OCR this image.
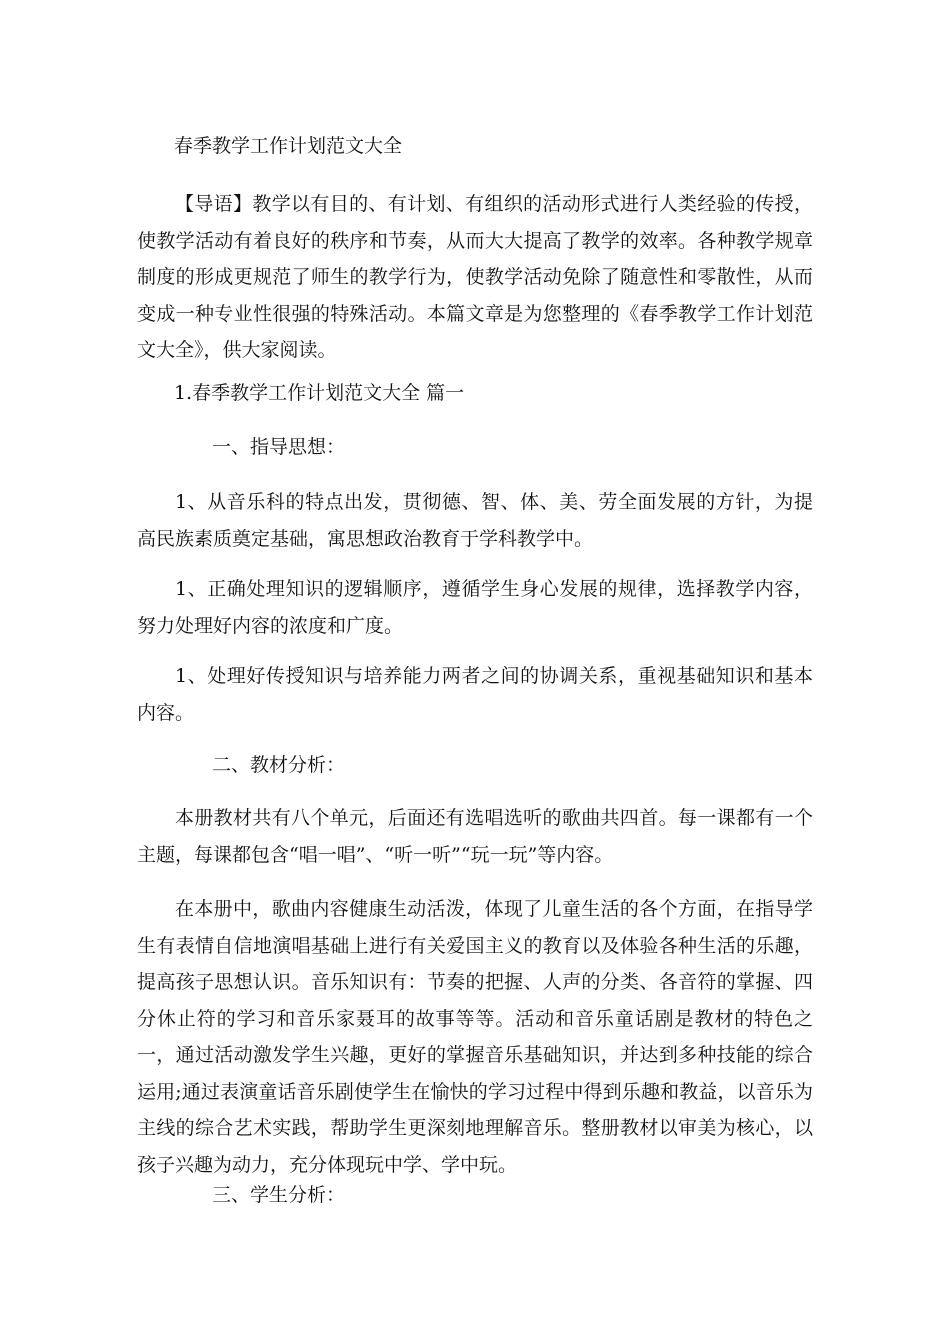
春季教学工作计划范文大全

【导语】教学以有目的、有计划、有组织的活动形式进行人类经验的传授，使教学活动有着良好的秩序和节奏，从而大大提高了教学的效率。各种教学规章制度的形成更规范了师生的教学行为，使教学活动免除了随意性和零散性，从而变成一种专业性很强的特殊活动。本篇文章是为您整理的《春季教学工作计划范文大全》，供大家阅读。

1.春季教学工作计划范文大全 篇一
一、指导思想：

1、从音乐科的特点出发，贯彻德、智、体、美、劳全面发展的方针，为提高民族素质奠定基础，寓思想政治教育于学科教学中。

1、正确处理知识的逻辑顺序，遵循学生身心发展的规律，选择教学内容，努力处理好内容的浓度和广度。

1、处理好传授知识与培养能力两者之间的协调关系，重视基础知识和基本内容。

二、教材分析：

本册教材共有八个单元，后面还有选唱选听的歌曲共四首。每一课都有一个主题，每课都包含“唱一唱”、“听一听”“玩一玩”等内容。

在本册中，歌曲内容健康生动活泼，体现了儿童生活的各个方面，在指导学生有表情自信地演唱基础上进行有关爱国主义的教育以及体验各种生活的乐趣，提高孩子思想认识。音乐知识有：节奏的把握、人声的分类、各音符的掌握、四分休止符的学习和音乐家聂耳的故事等等。活动和音乐童话剧是教材的特色之一，通过活动激发学生兴趣，更好的掌握音乐基础知识，并达到多种技能的综合运用;通过表演童话音乐剧使学生在愉快的学习过程中得到乐趣和教益，以音乐为主线的综合艺术实践，帮助学生更深刻地理解音乐。整册教材以审美为核心，以孩子兴趣为动力，充分体现玩中学、学中玩。

三、学生分析：
